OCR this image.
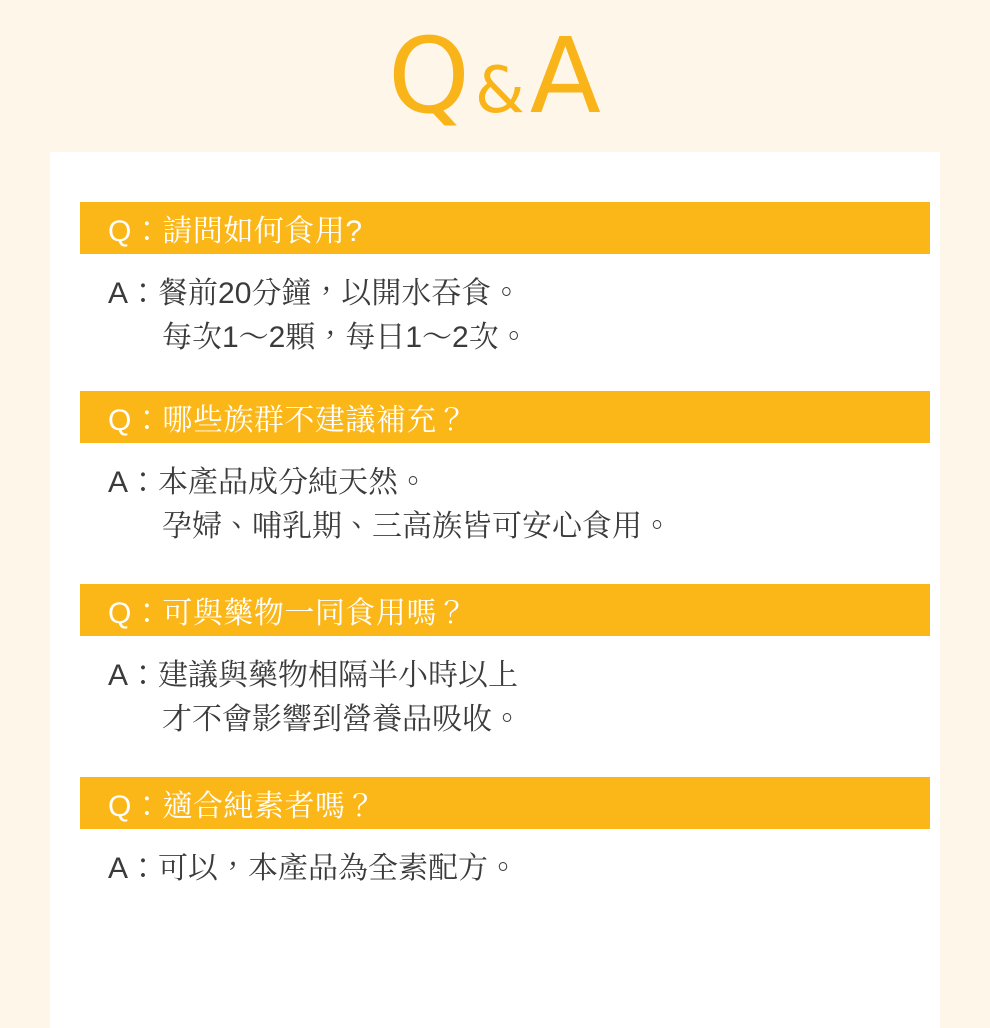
Q & A
Q：請問如何食用?
A：餐前20分鐘，以開水吞食。
每次1～2顆，每日1～2次。
Q：哪些族群不建議補充？
A：本產品成分純天然。
孕婦、哺乳期、三高族皆可安心食用。
Q：可與藥物一同食用嗎？
A：建議與藥物相隔半小時以上
才不會影響到營養品吸收。
Q：適合純素者嗎？
A：可以，本產品為全素配方。
